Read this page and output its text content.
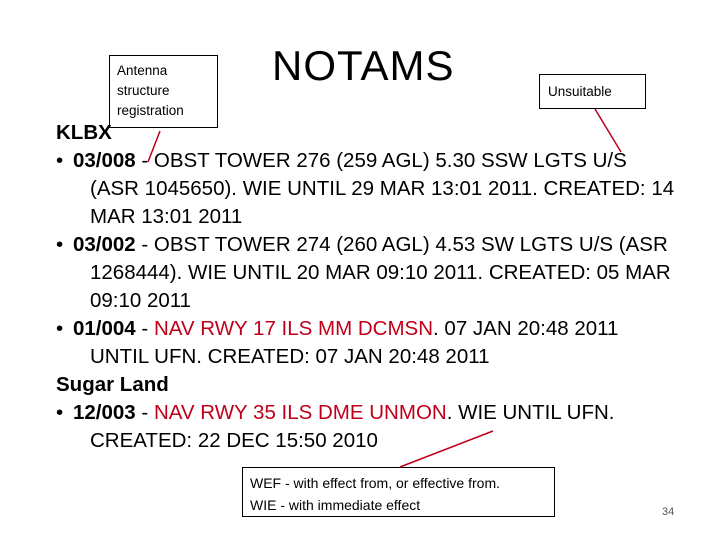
NOTAMS
Antenna
structure
registration
Unsuitable
KLBX
• 03/008 - OBST TOWER 276 (259 AGL) 5.30 SSW LGTS U/S
(ASR 1045650). WIE UNTIL 29 MAR 13:01 2011. CREATED: 14
MAR 13:01 2011
• 03/002 - OBST TOWER 274 (260 AGL) 4.53 SW LGTS U/S (ASR
1268444). WIE UNTIL 20 MAR 09:10 2011. CREATED: 05 MAR
09:10 2011
• 01/004 - NAV RWY 17 ILS MM DCMSN. 07 JAN 20:48 2011
UNTIL UFN. CREATED: 07 JAN 20:48 2011
Sugar Land
• 12/003 - NAV RWY 35 ILS DME UNMON. WIE UNTIL UFN.
CREATED: 22 DEC 15:50 2010
WEF - with effect from, or effective from.
WIE - with immediate effect	34
